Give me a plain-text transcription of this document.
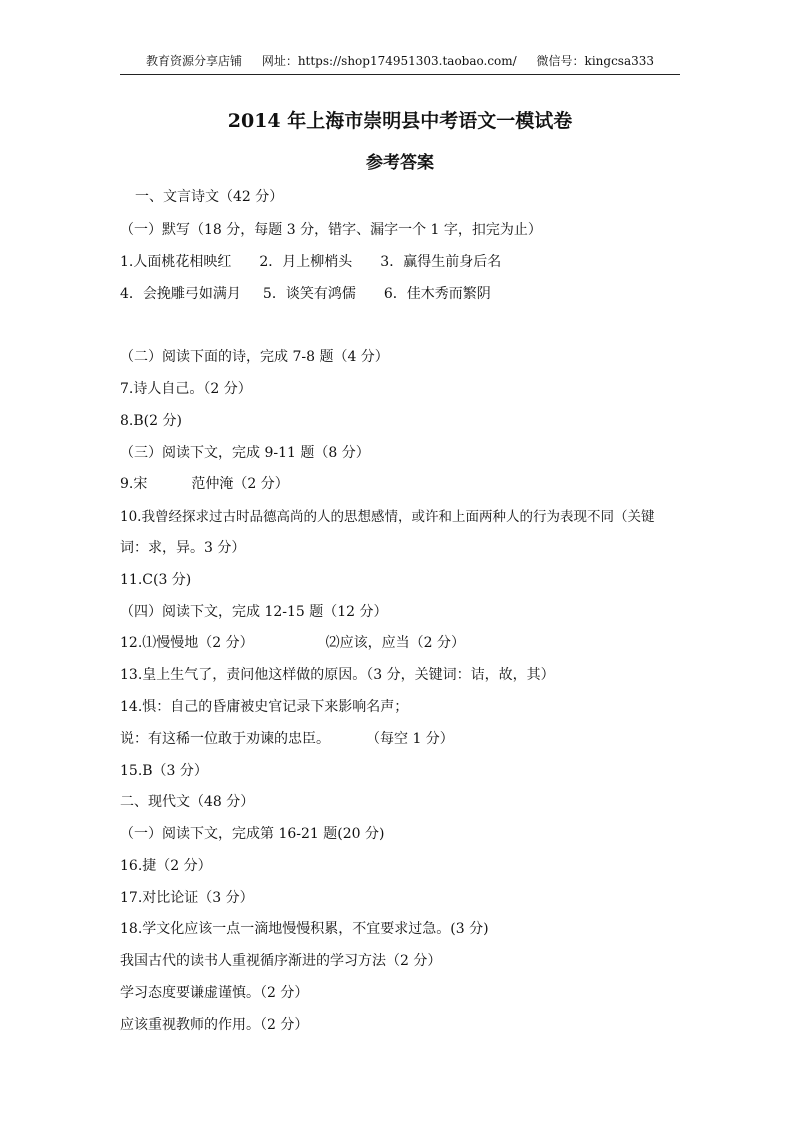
教育资源分享店铺 网址：https://shop174951303.taobao.com/ 微信号：kingcsa333
2014 年上海市崇明县中考语文一模试卷
参考答案
一、文言诗文（42 分）
（一）默写（18 分，每题 3 分，错字、漏字一个 1 字，扣完为止）
1.人面桃花相映红 2．月上柳梢头 3．赢得生前身后名
4．会挽雕弓如满月 5．谈笑有鸿儒 6．佳木秀而繁阴
（二）阅读下面的诗，完成 7-8 题（4 分）
7.诗人自己。（2 分）
8.B(2 分)
（三）阅读下文，完成 9-11 题（8 分）
9.宋	范仲淹（2 分）
10.我曾经探求过古时品德高尚的人的思想感情，或许和上面两种人的行为表现不同（关键
词：求，异。3 分）
11.C(3 分)
（四）阅读下文，完成 12-15 题（12 分）
12.⑴慢慢地（2 分）	⑵应该，应当（2 分）
13.皇上生气了，责问他这样做的原因。（3 分，关键词：诘，故，其）
14.惧：自己的昏庸被史官记录下来影响名声；
说：有这稀一位敢于劝谏的忠臣。	（每空 1 分）
15.B（3 分）
二、现代文（48 分）
（一）阅读下文，完成第 16-21 题(20 分)
16.捷（2 分）
17.对比论证（3 分）
18.学文化应该一点一滴地慢慢积累，不宜要求过急。(3 分)
我国古代的读书人重视循序渐进的学习方法（2 分）
学习态度要谦虚谨慎。（2 分）
应该重视教师的作用。（2 分）
